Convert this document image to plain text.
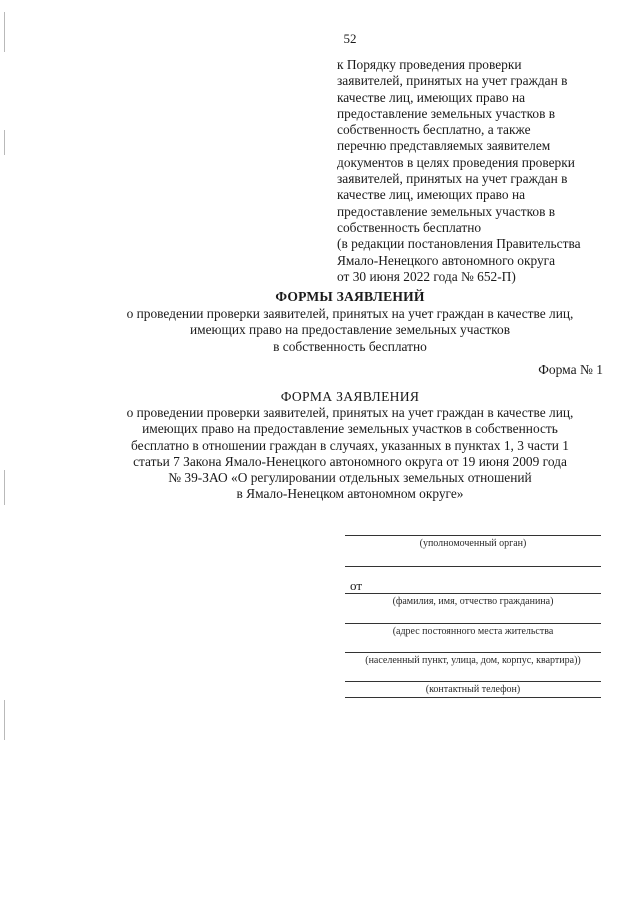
52
к Порядку проведения проверки
заявителей, принятых на учет граждан в
качестве лиц, имеющих право на
предоставление земельных участков в
собственность бесплатно, а также
перечню представляемых заявителем
документов в целях проведения проверки
заявителей, принятых на учет граждан в
качестве лиц, имеющих право на
предоставление земельных участков в
собственность бесплатно
(в редакции постановления Правительства
Ямало-Ненецкого автономного округа
от 30 июня 2022 года № 652-П)
ФОРМЫ ЗАЯВЛЕНИЙ
о проведении проверки заявителей, принятых на учет граждан в качестве лиц,
имеющих право на предоставление земельных участков
в собственность бесплатно
Форма № 1
ФОРМА ЗАЯВЛЕНИЯ
о проведении проверки заявителей, принятых на учет граждан в качестве лиц,
имеющих право на предоставление земельных участков в собственность
бесплатно в отношении граждан в случаях, указанных в пунктах 1, 3 части 1
статьи 7 Закона Ямало-Ненецкого автономного округа от 19 июня 2009 года
№ 39-ЗАО «О регулировании отдельных земельных отношений
в Ямало-Ненецком автономном округе»
(уполномоченный орган)
от
(фамилия, имя, отчество гражданина)
(адрес постоянного места жительства
(населенный пункт, улица, дом, корпус, квартира))
(контактный телефон)
